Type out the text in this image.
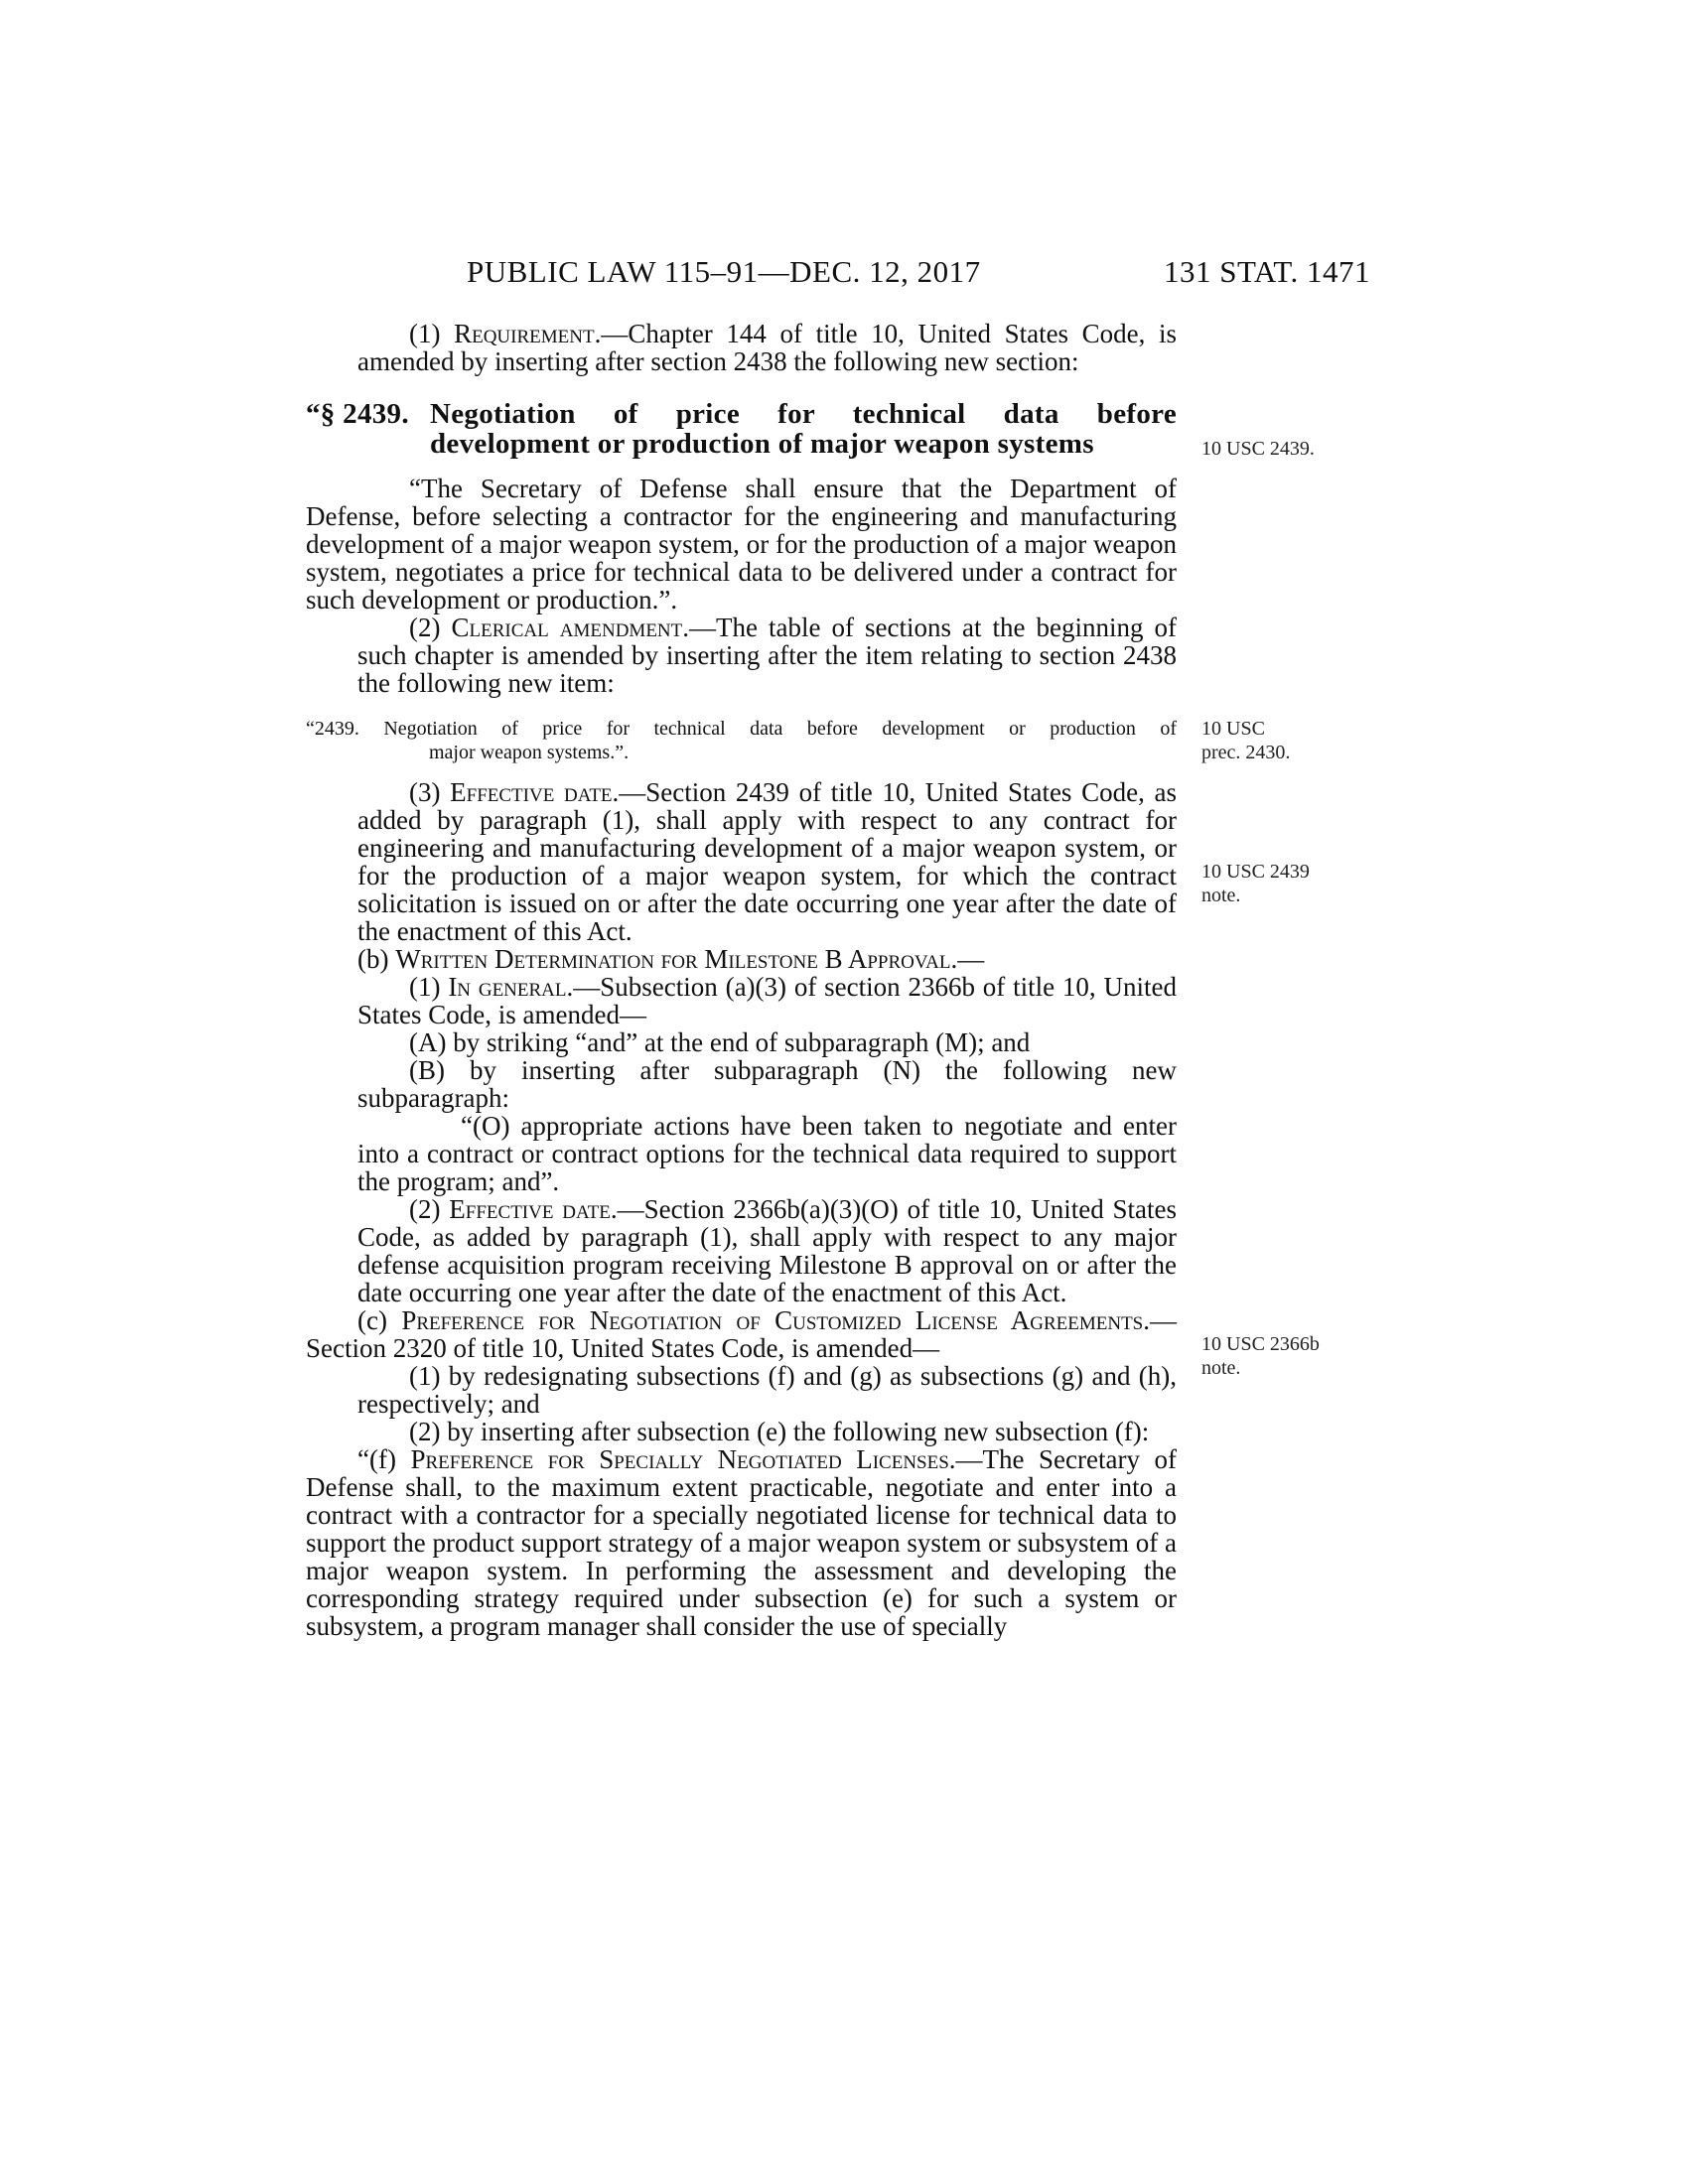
PUBLIC LAW 115–91—DEC. 12, 2017	131 STAT. 1471
10 USC 2439.
10 USC
prec. 2430.
10 USC 2439
note.
10 USC 2366b
note.

(1) Requirement.—Chapter 144 of title 10, United States Code, is amended by inserting after section 2438 the following new section:

“§ 2439. Negotiation of price for technical data before
development or production of major weapon systems

“The Secretary of Defense shall ensure that the Department of Defense, before selecting a contractor for the engineering and manufacturing development of a major weapon system, or for the production of a major weapon system, negotiates a price for technical data to be delivered under a contract for such development or production.”.

(2) Clerical amendment.—The table of sections at the beginning of such chapter is amended by inserting after the item relating to section 2438 the following new item:

“2439. Negotiation of price for technical data before development or production of
major weapon systems.”.

(3) Effective date.—Section 2439 of title 10, United States Code, as added by paragraph (1), shall apply with respect to any contract for engineering and manufacturing development of a major weapon system, or for the production of a major weapon system, for which the contract solicitation is issued on or after the date occurring one year after the date of the enactment of this Act.

(b) Written Determination for Milestone B Approval.—

(1) In general.—Subsection (a)(3) of section 2366b of title 10, United States Code, is amended—

(A) by striking “and” at the end of subparagraph (M); and

(B) by inserting after subparagraph (N) the following new subparagraph:

“(O) appropriate actions have been taken to negotiate and enter into a contract or contract options for the technical data required to support the program; and”.

(2) Effective date.—Section 2366b(a)(3)(O) of title 10, United States Code, as added by paragraph (1), shall apply with respect to any major defense acquisition program receiving Milestone B approval on or after the date occurring one year after the date of the enactment of this Act.

(c) Preference for Negotiation of Customized License Agreements.—Section 2320 of title 10, United States Code, is amended—

(1) by redesignating subsections (f) and (g) as subsections (g) and (h), respectively; and

(2) by inserting after subsection (e) the following new subsection (f):

“(f) Preference for Specially Negotiated Licenses.—The Secretary of Defense shall, to the maximum extent practicable, negotiate and enter into a contract with a contractor for a specially negotiated license for technical data to support the product support strategy of a major weapon system or subsystem of a major weapon system. In performing the assessment and developing the corresponding strategy required under subsection (e) for such a system or subsystem, a program manager shall consider the use of specially
